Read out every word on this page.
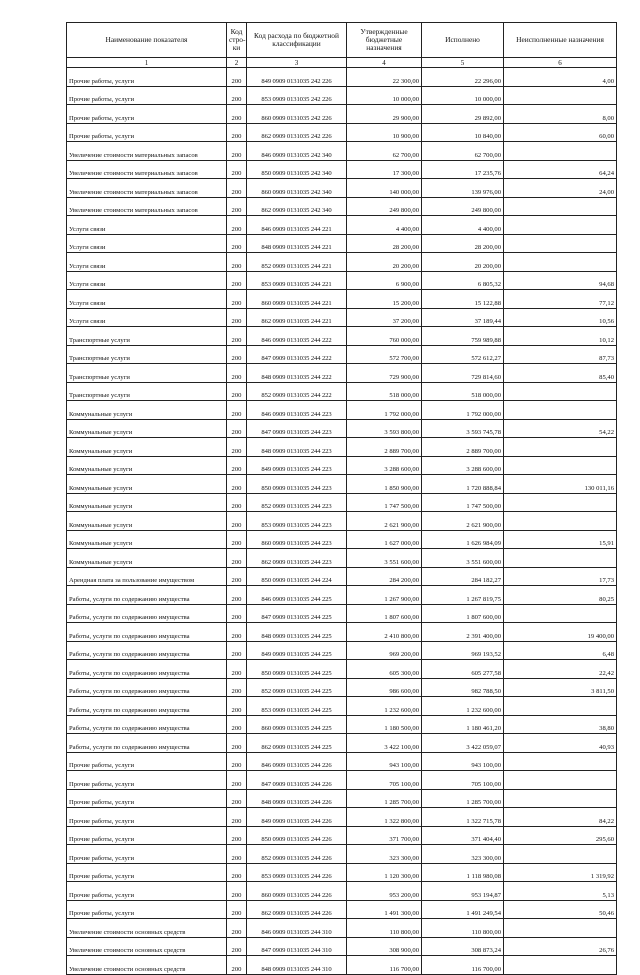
Наименование показателя	Код стро-ки	Код расхода по бюджетной классификации	Утвержденные бюджетные назначения	Исполнено	Неисполненные назначения
1	2	3	4	5	6
Прочие работы, услуги	200	849 0909 0131035 242 226	22 300,00	22 296,00	4,00
Прочие работы, услуги	200	853 0909 0131035 242 226	10 000,00	10 000,00	
Прочие работы, услуги	200	860 0909 0131035 242 226	29 900,00	29 892,00	8,00
Прочие работы, услуги	200	862 0909 0131035 242 226	10 900,00	10 840,00	60,00
Увеличение стоимости материальных запасов	200	846 0909 0131035 242 340	62 700,00	62 700,00	
Увеличение стоимости материальных запасов	200	850 0909 0131035 242 340	17 300,00	17 235,76	64,24
Увеличение стоимости материальных запасов	200	860 0909 0131035 242 340	140 000,00	139 976,00	24,00
Увеличение стоимости материальных запасов	200	862 0909 0131035 242 340	249 800,00	249 800,00	
Услуги связи	200	846 0909 0131035 244 221	4 400,00	4 400,00	
Услуги связи	200	848 0909 0131035 244 221	28 200,00	28 200,00	
Услуги связи	200	852 0909 0131035 244 221	20 200,00	20 200,00	
Услуги связи	200	853 0909 0131035 244 221	6 900,00	6 805,32	94,68
Услуги связи	200	860 0909 0131035 244 221	15 200,00	15 122,88	77,12
Услуги связи	200	862 0909 0131035 244 221	37 200,00	37 189,44	10,56
Транспортные услуги	200	846 0909 0131035 244 222	760 000,00	759 989,88	10,12
Транспортные услуги	200	847 0909 0131035 244 222	572 700,00	572 612,27	87,73
Транспортные услуги	200	848 0909 0131035 244 222	729 900,00	729 814,60	85,40
Транспортные услуги	200	852 0909 0131035 244 222	518 000,00	518 000,00	
Коммунальные услуги	200	846 0909 0131035 244 223	1 792 000,00	1 792 000,00	
Коммунальные услуги	200	847 0909 0131035 244 223	3 593 800,00	3 593 745,78	54,22
Коммунальные услуги	200	848 0909 0131035 244 223	2 889 700,00	2 889 700,00	
Коммунальные услуги	200	849 0909 0131035 244 223	3 288 600,00	3 288 600,00	
Коммунальные услуги	200	850 0909 0131035 244 223	1 850 900,00	1 720 888,84	130 011,16
Коммунальные услуги	200	852 0909 0131035 244 223	1 747 500,00	1 747 500,00	
Коммунальные услуги	200	853 0909 0131035 244 223	2 621 900,00	2 621 900,00	
Коммунальные услуги	200	860 0909 0131035 244 223	1 627 000,00	1 626 984,09	15,91
Коммунальные услуги	200	862 0909 0131035 244 223	3 551 600,00	3 551 600,00	
Арендная плата за пользование имуществом	200	850 0909 0131035 244 224	284 200,00	284 182,27	17,73
Работы, услуги по содержанию имущества	200	846 0909 0131035 244 225	1 267 900,00	1 267 819,75	80,25
Работы, услуги по содержанию имущества	200	847 0909 0131035 244 225	1 807 600,00	1 807 600,00	
Работы, услуги по содержанию имущества	200	848 0909 0131035 244 225	2 410 800,00	2 391 400,00	19 400,00
Работы, услуги по содержанию имущества	200	849 0909 0131035 244 225	969 200,00	969 193,52	6,48
Работы, услуги по содержанию имущества	200	850 0909 0131035 244 225	605 300,00	605 277,58	22,42
Работы, услуги по содержанию имущества	200	852 0909 0131035 244 225	986 600,00	982 788,50	3 811,50
Работы, услуги по содержанию имущества	200	853 0909 0131035 244 225	1 232 600,00	1 232 600,00	
Работы, услуги по содержанию имущества	200	860 0909 0131035 244 225	1 180 500,00	1 180 461,20	38,80
Работы, услуги по содержанию имущества	200	862 0909 0131035 244 225	3 422 100,00	3 422 059,07	40,93
Прочие работы, услуги	200	846 0909 0131035 244 226	943 100,00	943 100,00	
Прочие работы, услуги	200	847 0909 0131035 244 226	705 100,00	705 100,00	
Прочие работы, услуги	200	848 0909 0131035 244 226	1 285 700,00	1 285 700,00	
Прочие работы, услуги	200	849 0909 0131035 244 226	1 322 800,00	1 322 715,78	84,22
Прочие работы, услуги	200	850 0909 0131035 244 226	371 700,00	371 404,40	295,60
Прочие работы, услуги	200	852 0909 0131035 244 226	323 300,00	323 300,00	
Прочие работы, услуги	200	853 0909 0131035 244 226	1 120 300,00	1 118 980,08	1 319,92
Прочие работы, услуги	200	860 0909 0131035 244 226	953 200,00	953 194,87	5,13
Прочие работы, услуги	200	862 0909 0131035 244 226	1 491 300,00	1 491 249,54	50,46
Увеличение стоимости основных средств	200	846 0909 0131035 244 310	110 800,00	110 800,00	
Увеличение стоимости основных средств	200	847 0909 0131035 244 310	308 900,00	308 873,24	26,76
Увеличение стоимости основных средств	200	848 0909 0131035 244 310	116 700,00	116 700,00	
